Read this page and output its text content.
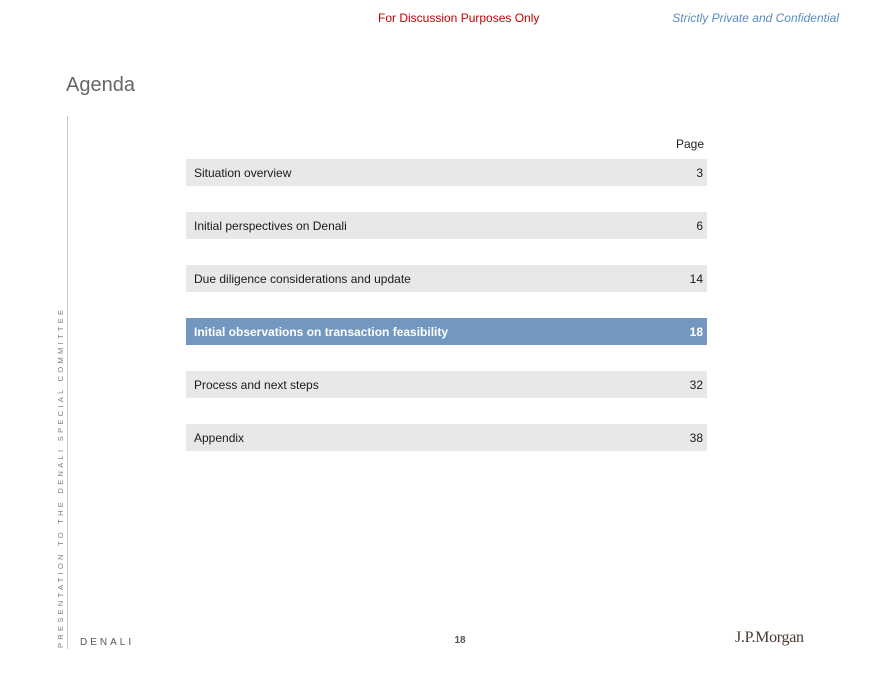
For Discussion Purposes Only	Strictly Private and Confidential
Agenda
PRESENTATION TO THE DENALI SPECIAL COMMITTEE
Page
Situation overview	3
Initial perspectives on Denali	6
Due diligence considerations and update	14
Initial observations on transaction feasibility	18
Process and next steps	32
Appendix	38
DENALI	18	J.P.Morgan
